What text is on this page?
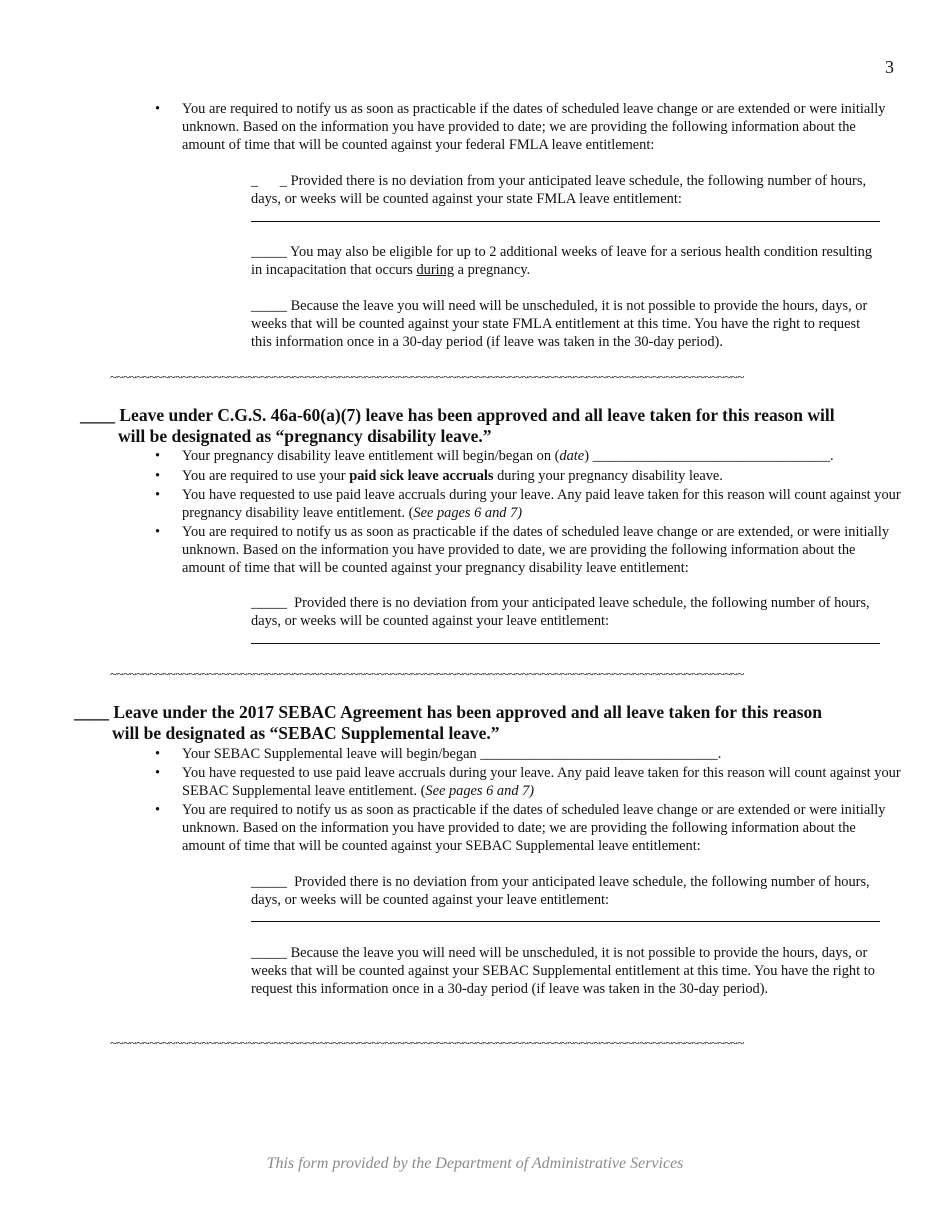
3
• You are required to notify us as soon as practicable if the dates of scheduled leave change or are extended or were initially unknown. Based on the information you have provided to date; we are providing the following information about the amount of time that will be counted against your federal FMLA leave entitlement:
_      _ Provided there is no deviation from your anticipated leave schedule, the following number of hours, days, or weeks will be counted against your state FMLA leave entitlement:
_____ You may also be eligible for up to 2 additional weeks of leave for a serious health condition resulting in incapacitation that occurs during a pregnancy.
_____ Because the leave you will need will be unscheduled, it is not possible to provide the hours, days, or weeks that will be counted against your state FMLA entitlement at this time. You have the right to request this information once in a 30-day period (if leave was taken in the 30-day period).
~~~~~~~~~~~~~~~~~~~~~~~~~~~~~~~~~~~~~~~~~~~~~~~~~~~~~~~~~~~~~~~~~~~~~~~~~~~~~~~~~~~~~~~~~~~~~~~~~
____ Leave under C.G.S. 46a-60(a)(7) leave has been approved and all leave taken for this reason will
will be designated as “pregnancy disability leave.”
• Your pregnancy disability leave entitlement will begin/began on (date) _________________________________.
• You are required to use your paid sick leave accruals during your pregnancy disability leave.
• You have requested to use paid leave accruals during your leave. Any paid leave taken for this reason will count against your pregnancy disability leave entitlement. (See pages 6 and 7)
• You are required to notify us as soon as practicable if the dates of scheduled leave change or are extended, or were initially unknown. Based on the information you have provided to date, we are providing the following information about the amount of time that will be counted against your pregnancy disability leave entitlement:
_____  Provided there is no deviation from your anticipated leave schedule, the following number of hours, days, or weeks will be counted against your leave entitlement:
~~~~~~~~~~~~~~~~~~~~~~~~~~~~~~~~~~~~~~~~~~~~~~~~~~~~~~~~~~~~~~~~~~~~~~~~~~~~~~~~~~~~~~~~~~~~~~~~~
____ Leave under the 2017 SEBAC Agreement has been approved and all leave taken for this reason
will be designated as “SEBAC Supplemental leave.”
• Your SEBAC Supplemental leave will begin/began _________________________________.
• You have requested to use paid leave accruals during your leave. Any paid leave taken for this reason will count against your SEBAC Supplemental leave entitlement. (See pages 6 and 7)
• You are required to notify us as soon as practicable if the dates of scheduled leave change or are extended or were initially unknown. Based on the information you have provided to date; we are providing the following information about the amount of time that will be counted against your SEBAC Supplemental leave entitlement:
_____  Provided there is no deviation from your anticipated leave schedule, the following number of hours, days, or weeks will be counted against your leave entitlement:
_____ Because the leave you will need will be unscheduled, it is not possible to provide the hours, days, or weeks that will be counted against your SEBAC Supplemental entitlement at this time. You have the right to request this information once in a 30-day period (if leave was taken in the 30-day period).
~~~~~~~~~~~~~~~~~~~~~~~~~~~~~~~~~~~~~~~~~~~~~~~~~~~~~~~~~~~~~~~~~~~~~~~~~~~~~~~~~~~~~~~~~~~~~~~~~
This form provided by the Department of Administrative Services
